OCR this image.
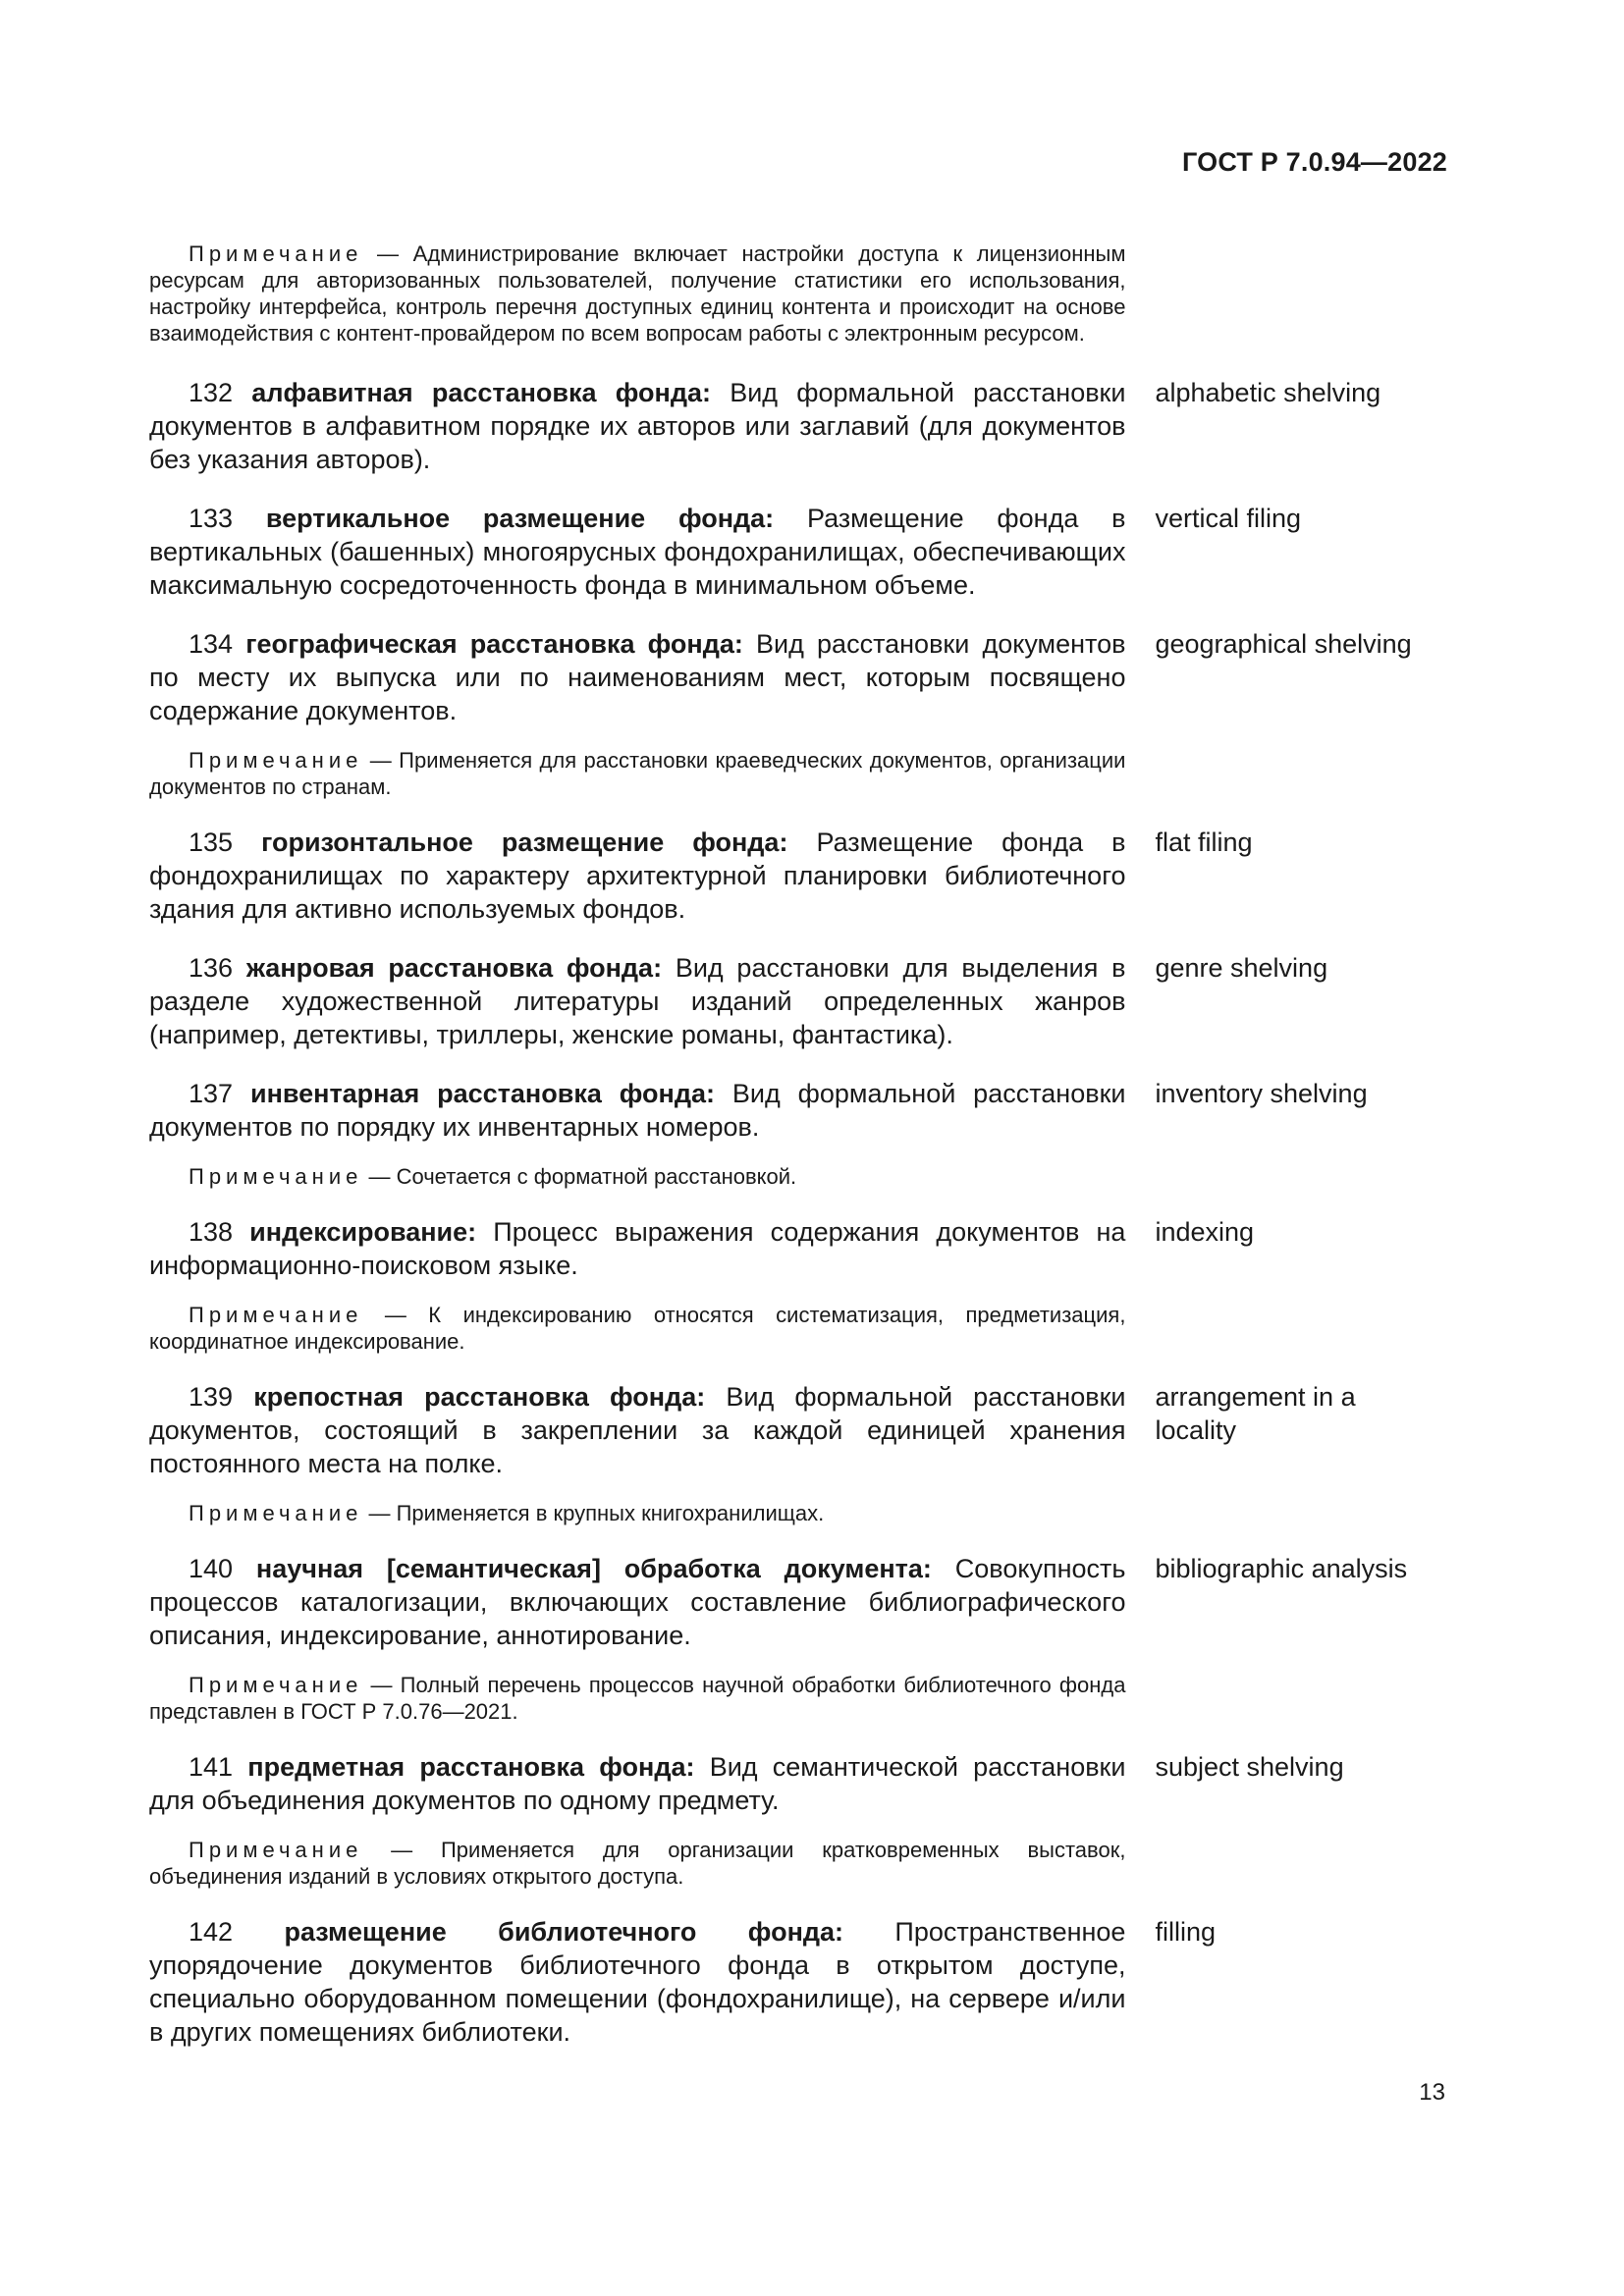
ГОСТ Р 7.0.94—2022

Примечание — Администрирование включает настройки доступа к лицензионным ресурсам для авторизованных пользователей, получение статистики его использования, настройку интерфейса, контроль перечня доступных единиц контента и происходит на основе взаимодействия с контент-провайдером по всем вопросам работы с электронным ресурсом.

132 алфавитная расстановка фонда: Вид формальной расстановки документов в алфавитном порядке их авторов или заглавий (для документов без указания авторов).

alphabetic shelving

133 вертикальное размещение фонда: Размещение фонда в вертикальных (башенных) многоярусных фондохранилищах, обеспечивающих максимальную сосредоточенность фонда в минимальном объеме.

vertical filing

134 географическая расстановка фонда: Вид расстановки документов по месту их выпуска или по наименованиям мест, которым посвящено содержание документов.

geographical shelving

Примечание — Применяется для расстановки краеведческих документов, организации документов по странам.

135 горизонтальное размещение фонда: Размещение фонда в фондохранилищах по характеру архитектурной планировки библиотечного здания для активно используемых фондов.

flat filing

136 жанровая расстановка фонда: Вид расстановки для выделения в разделе художественной литературы изданий определенных жанров (например, детективы, триллеры, женские романы, фантастика).

genre shelving

137 инвентарная расстановка фонда: Вид формальной расстановки документов по порядку их инвентарных номеров.

inventory shelving

Примечание — Сочетается с форматной расстановкой.

138 индексирование: Процесс выражения содержания документов на информационно-поисковом языке.

indexing

Примечание — К индексированию относятся систематизация, предметизация, координатное индексирование.

139 крепостная расстановка фонда: Вид формальной расстановки документов, состоящий в закреплении за каждой единицей хранения постоянного места на полке.

arrangement in a locality

Примечание — Применяется в крупных книгохранилищах.

140 научная [семантическая] обработка документа: Совокупность процессов каталогизации, включающих составление библиографического описания, индексирование, аннотирование.

bibliographic analysis

Примечание — Полный перечень процессов научной обработки библиотечного фонда представлен в ГОСТ Р 7.0.76—2021.

141 предметная расстановка фонда: Вид семантической расстановки для объединения документов по одному предмету.

subject shelving

Примечание — Применяется для организации кратковременных выставок, объединения изданий в условиях открытого доступа.

142 размещение библиотечного фонда: Пространственное упорядочение документов библиотечного фонда в открытом доступе, специально оборудованном помещении (фондохранилище), на сервере и/или в других помещениях библиотеки.

filling
13
